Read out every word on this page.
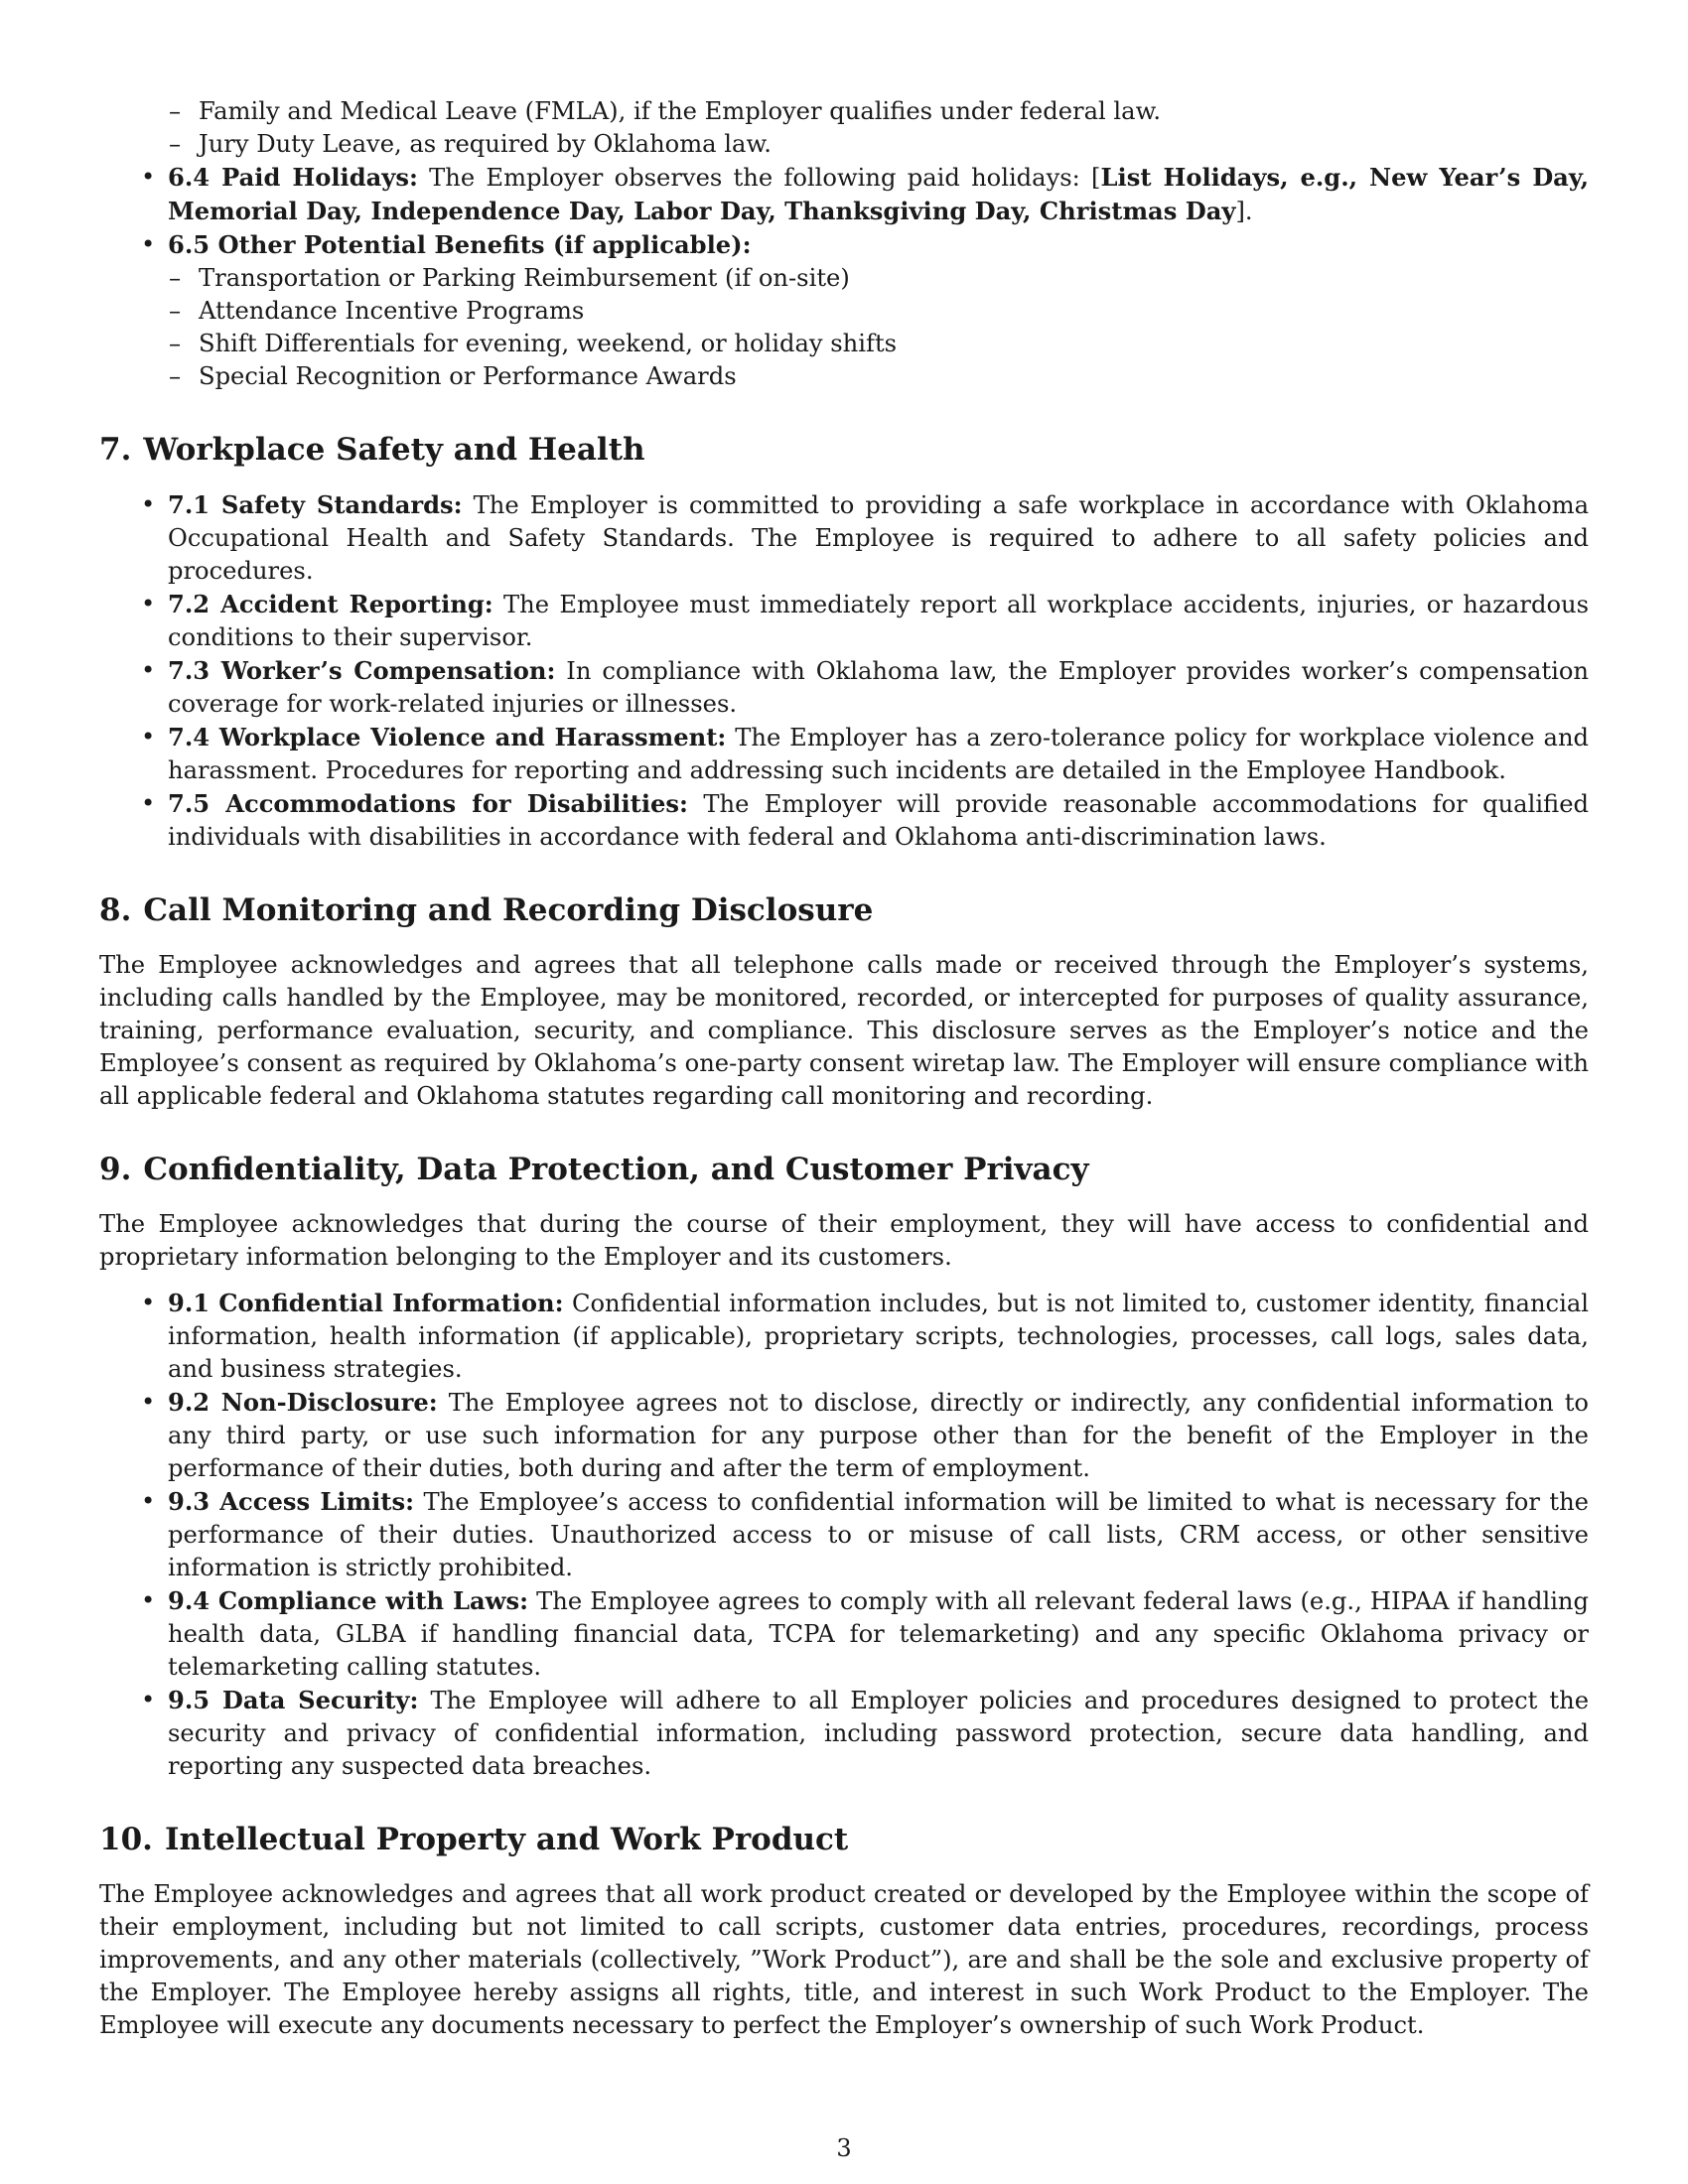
– Family and Medical Leave (FMLA), if the Employer qualifies under federal law.
– Jury Duty Leave, as required by Oklahoma law.
• 6.4 Paid Holidays: The Employer observes the following paid holidays: [List Holidays, e.g., New Year’s Day, Memorial Day, Independence Day, Labor Day, Thanksgiving Day, Christmas Day].
• 6.5 Other Potential Benefits (if applicable):
– Transportation or Parking Reimbursement (if on-site)
– Attendance Incentive Programs
– Shift Differentials for evening, weekend, or holiday shifts
– Special Recognition or Performance Awards
7. Workplace Safety and Health
• 7.1 Safety Standards: The Employer is committed to providing a safe workplace in accordance with Oklahoma Occupational Health and Safety Standards. The Employee is required to adhere to all safety policies and procedures.
• 7.2 Accident Reporting: The Employee must immediately report all workplace accidents, injuries, or hazardous conditions to their supervisor.
• 7.3 Worker’s Compensation: In compliance with Oklahoma law, the Employer provides worker’s compensation coverage for work-related injuries or illnesses.
• 7.4 Workplace Violence and Harassment: The Employer has a zero-tolerance policy for workplace violence and harassment. Procedures for reporting and addressing such incidents are detailed in the Employee Handbook.
• 7.5 Accommodations for Disabilities: The Employer will provide reasonable accommodations for qualified individuals with disabilities in accordance with federal and Oklahoma anti-discrimination laws.
8. Call Monitoring and Recording Disclosure

The Employee acknowledges and agrees that all telephone calls made or received through the Employer’s systems, including calls handled by the Employee, may be monitored, recorded, or intercepted for purposes of quality assurance, training, performance evaluation, security, and compliance. This disclosure serves as the Employer’s notice and the Employee’s consent as required by Oklahoma’s one-party consent wiretap law. The Employer will ensure compliance with all applicable federal and Oklahoma statutes regarding call monitoring and recording.

9. Confidentiality, Data Protection, and Customer Privacy

The Employee acknowledges that during the course of their employment, they will have access to confidential and proprietary information belonging to the Employer and its customers.

• 9.1 Confidential Information: Confidential information includes, but is not limited to, customer identity, financial information, health information (if applicable), proprietary scripts, technologies, processes, call logs, sales data, and business strategies.
• 9.2 Non-Disclosure: The Employee agrees not to disclose, directly or indirectly, any confidential information to any third party, or use such information for any purpose other than for the benefit of the Employer in the performance of their duties, both during and after the term of employment.
• 9.3 Access Limits: The Employee’s access to confidential information will be limited to what is necessary for the performance of their duties. Unauthorized access to or misuse of call lists, CRM access, or other sensitive information is strictly prohibited.
• 9.4 Compliance with Laws: The Employee agrees to comply with all relevant federal laws (e.g., HIPAA if handling health data, GLBA if handling financial data, TCPA for telemarketing) and any specific Oklahoma privacy or telemarketing calling statutes.
• 9.5 Data Security: The Employee will adhere to all Employer policies and procedures designed to protect the security and privacy of confidential information, including password protection, secure data handling, and reporting any suspected data breaches.
10. Intellectual Property and Work Product

The Employee acknowledges and agrees that all work product created or developed by the Employee within the scope of their employment, including but not limited to call scripts, customer data entries, procedures, recordings, process improvements, and any other materials (collectively, ”Work Product”), are and shall be the sole and exclusive property of the Employer. The Employee hereby assigns all rights, title, and interest in such Work Product to the Employer. The Employee will execute any documents necessary to perfect the Employer’s ownership of such Work Product.

3
